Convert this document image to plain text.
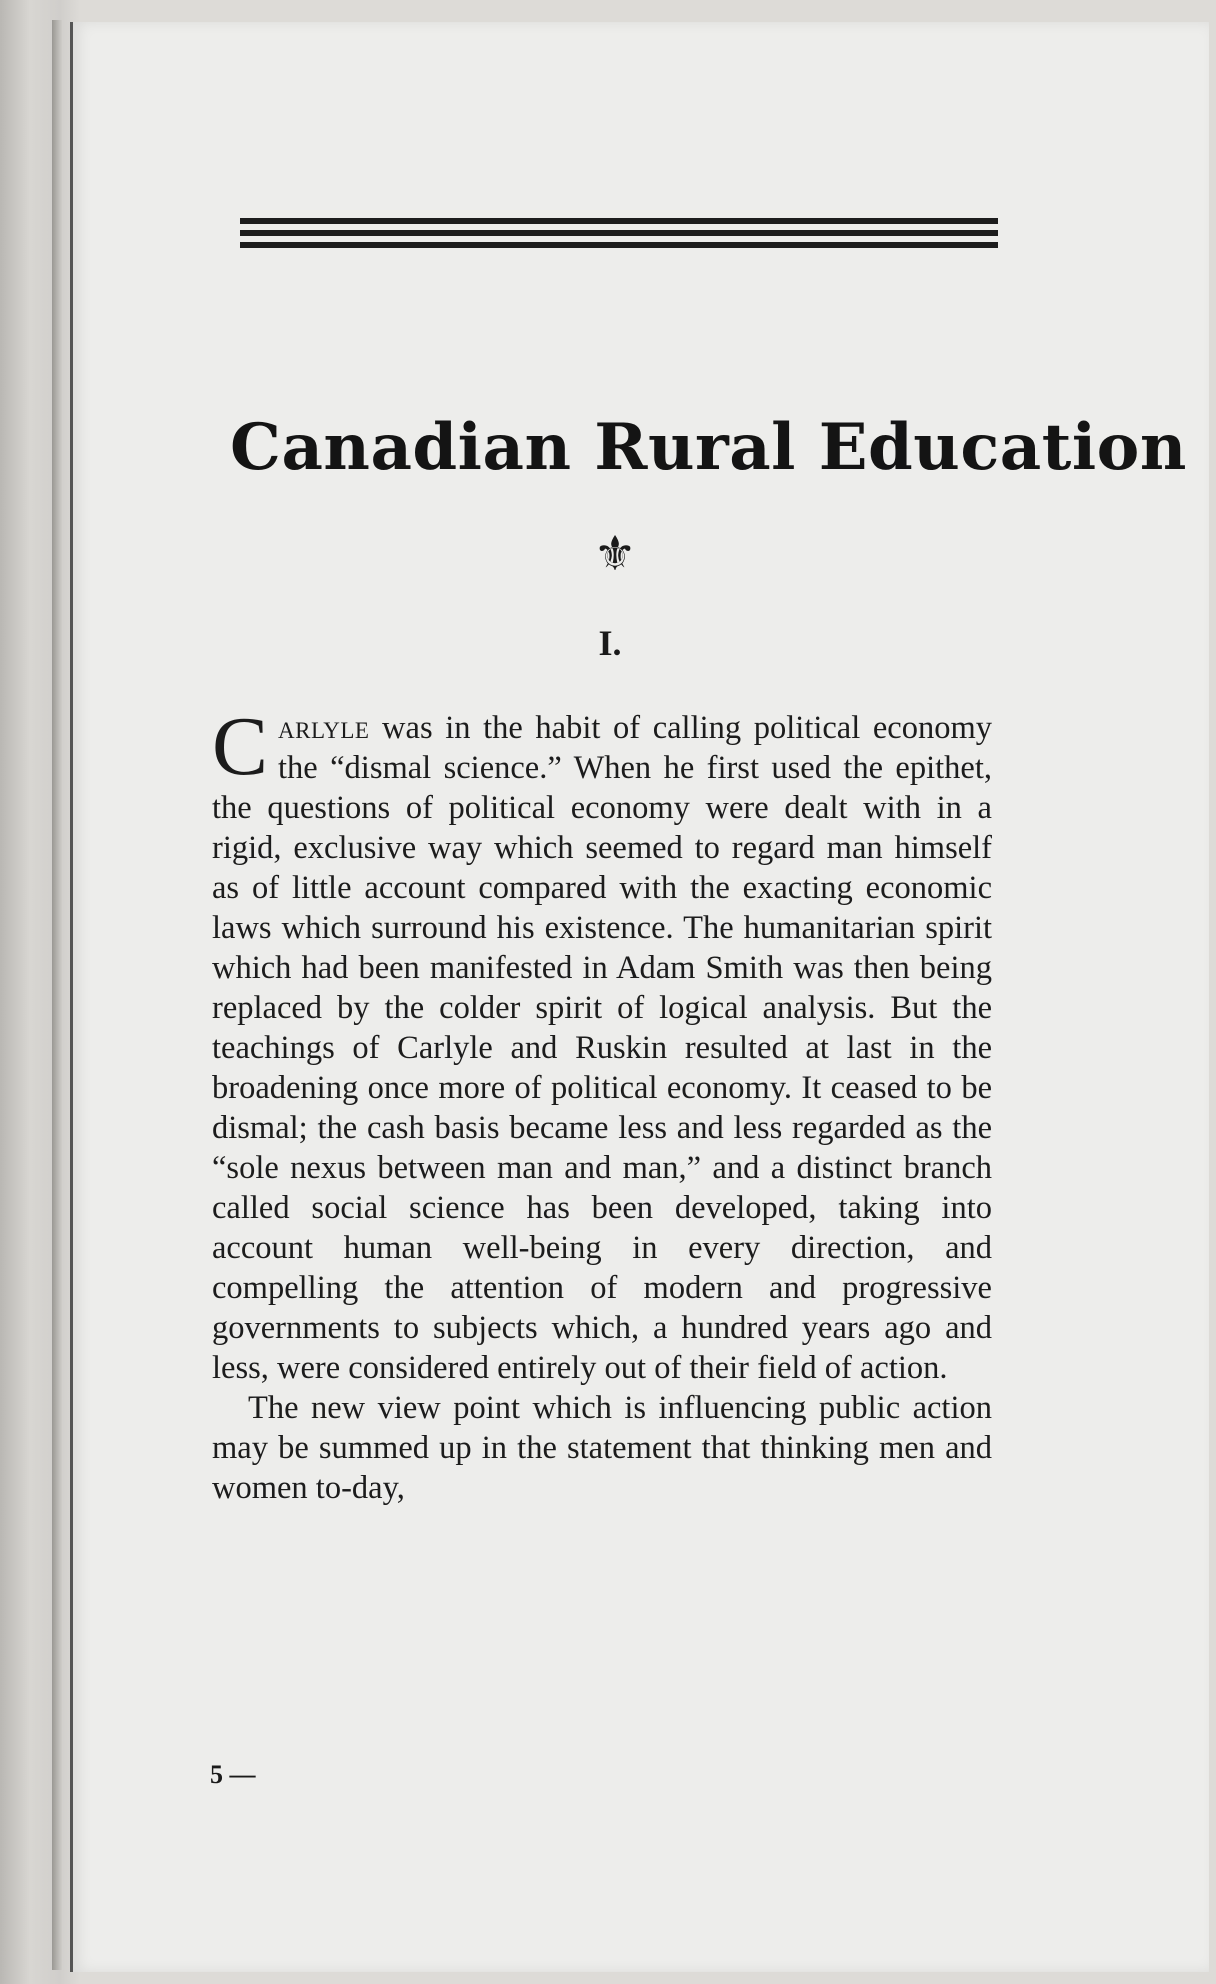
Canadian Rural Education
⚜
I.

Carlyle was in the habit of calling political economy the “dismal science.” When he first used the epithet, the questions of political economy were dealt with in a rigid, exclusive way which seemed to regard man himself as of little account compared with the exacting economic laws which surround his existence. The humanitarian spirit which had been manifested in Adam Smith was then being replaced by the colder spirit of logical analysis. But the teachings of Carlyle and Ruskin resulted at last in the broadening once more of political economy. It ceased to be dismal; the cash basis became less and less regarded as the “sole nexus between man and man,” and a distinct branch called social science has been developed, taking into account human well-being in every direction, and compelling the attention of modern and progressive governments to subjects which, a hundred years ago and less, were considered entirely out of their field of action.

The new view point which is influencing public action may be summed up in the statement that thinking men and women to-day,

5 —
